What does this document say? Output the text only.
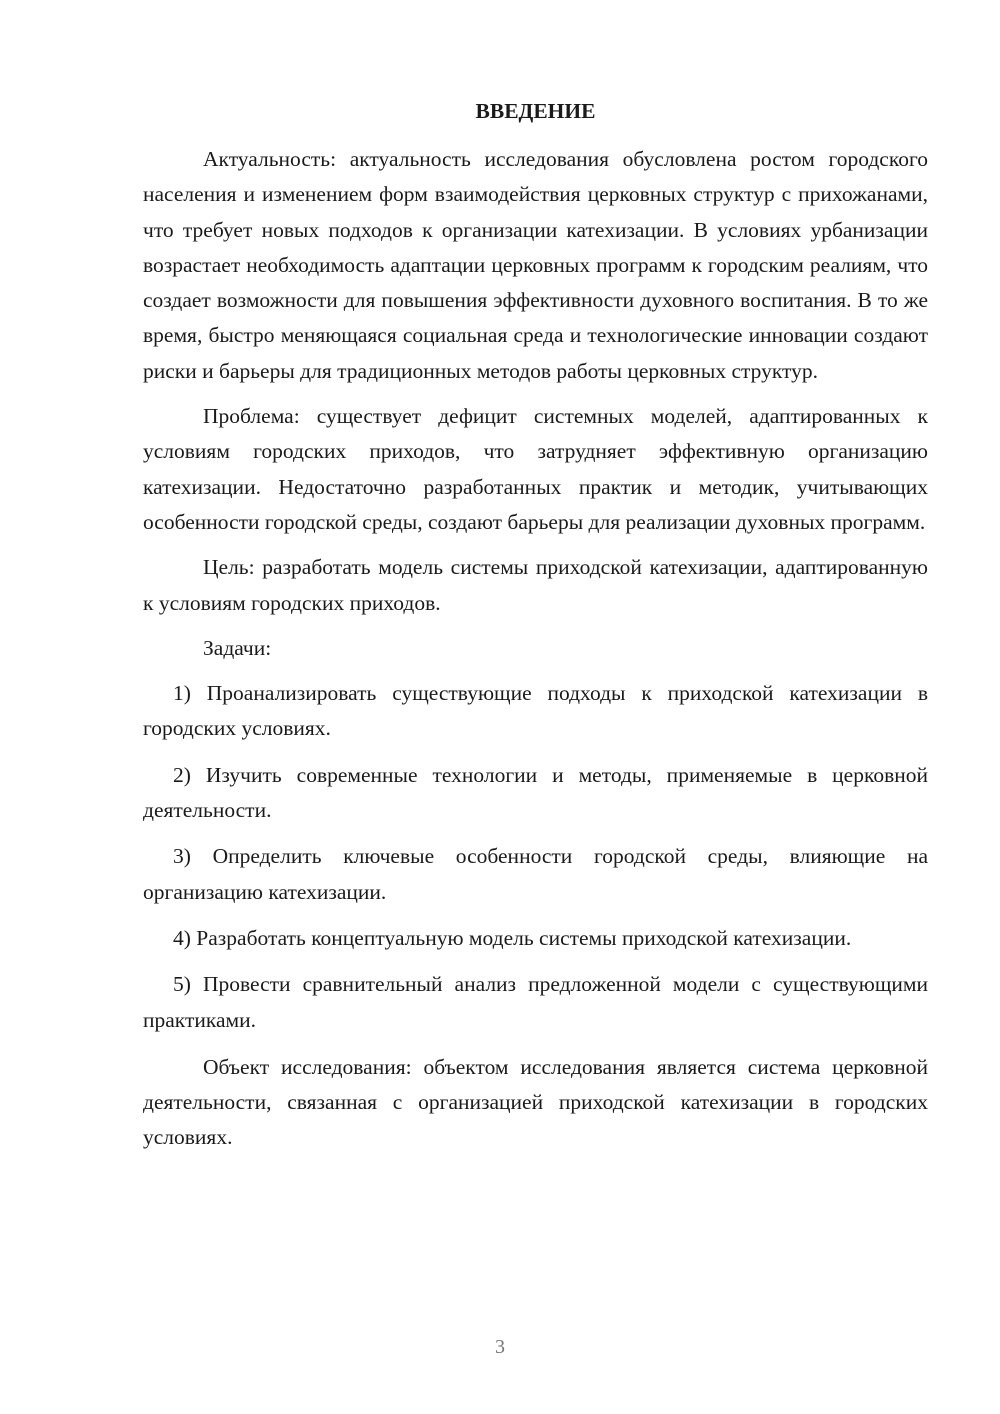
ВВЕДЕНИЕ

Актуальность: актуальность исследования обусловлена ростом городского населения и изменением форм взаимодействия церковных структур с прихожанами, что требует новых подходов к организации катехизации. В условиях урбанизации возрастает необходимость адаптации церковных программ к городским реалиям, что создает возможности для повышения эффективности духовного воспитания. В то же время, быстро меняющаяся социальная среда и технологические инновации создают риски и барьеры для традиционных методов работы церковных структур.

Проблема: существует дефицит системных моделей, адаптированных к условиям городских приходов, что затрудняет эффективную организацию катехизации. Недостаточно разработанных практик и методик, учитывающих особенности городской среды, создают барьеры для реализации духовных программ.

Цель: разработать модель системы приходской катехизации, адаптированную к условиям городских приходов.

Задачи:

1) Проанализировать существующие подходы к приходской катехизации в городских условиях.

2) Изучить современные технологии и методы, применяемые в церковной деятельности.

3) Определить ключевые особенности городской среды, влияющие на организацию катехизации.

4) Разработать концептуальную модель системы приходской катехизации.

5) Провести сравнительный анализ предложенной модели с существующими практиками.

Объект исследования: объектом исследования является система церковной деятельности, связанная с организацией приходской катехизации в городских условиях.

3
